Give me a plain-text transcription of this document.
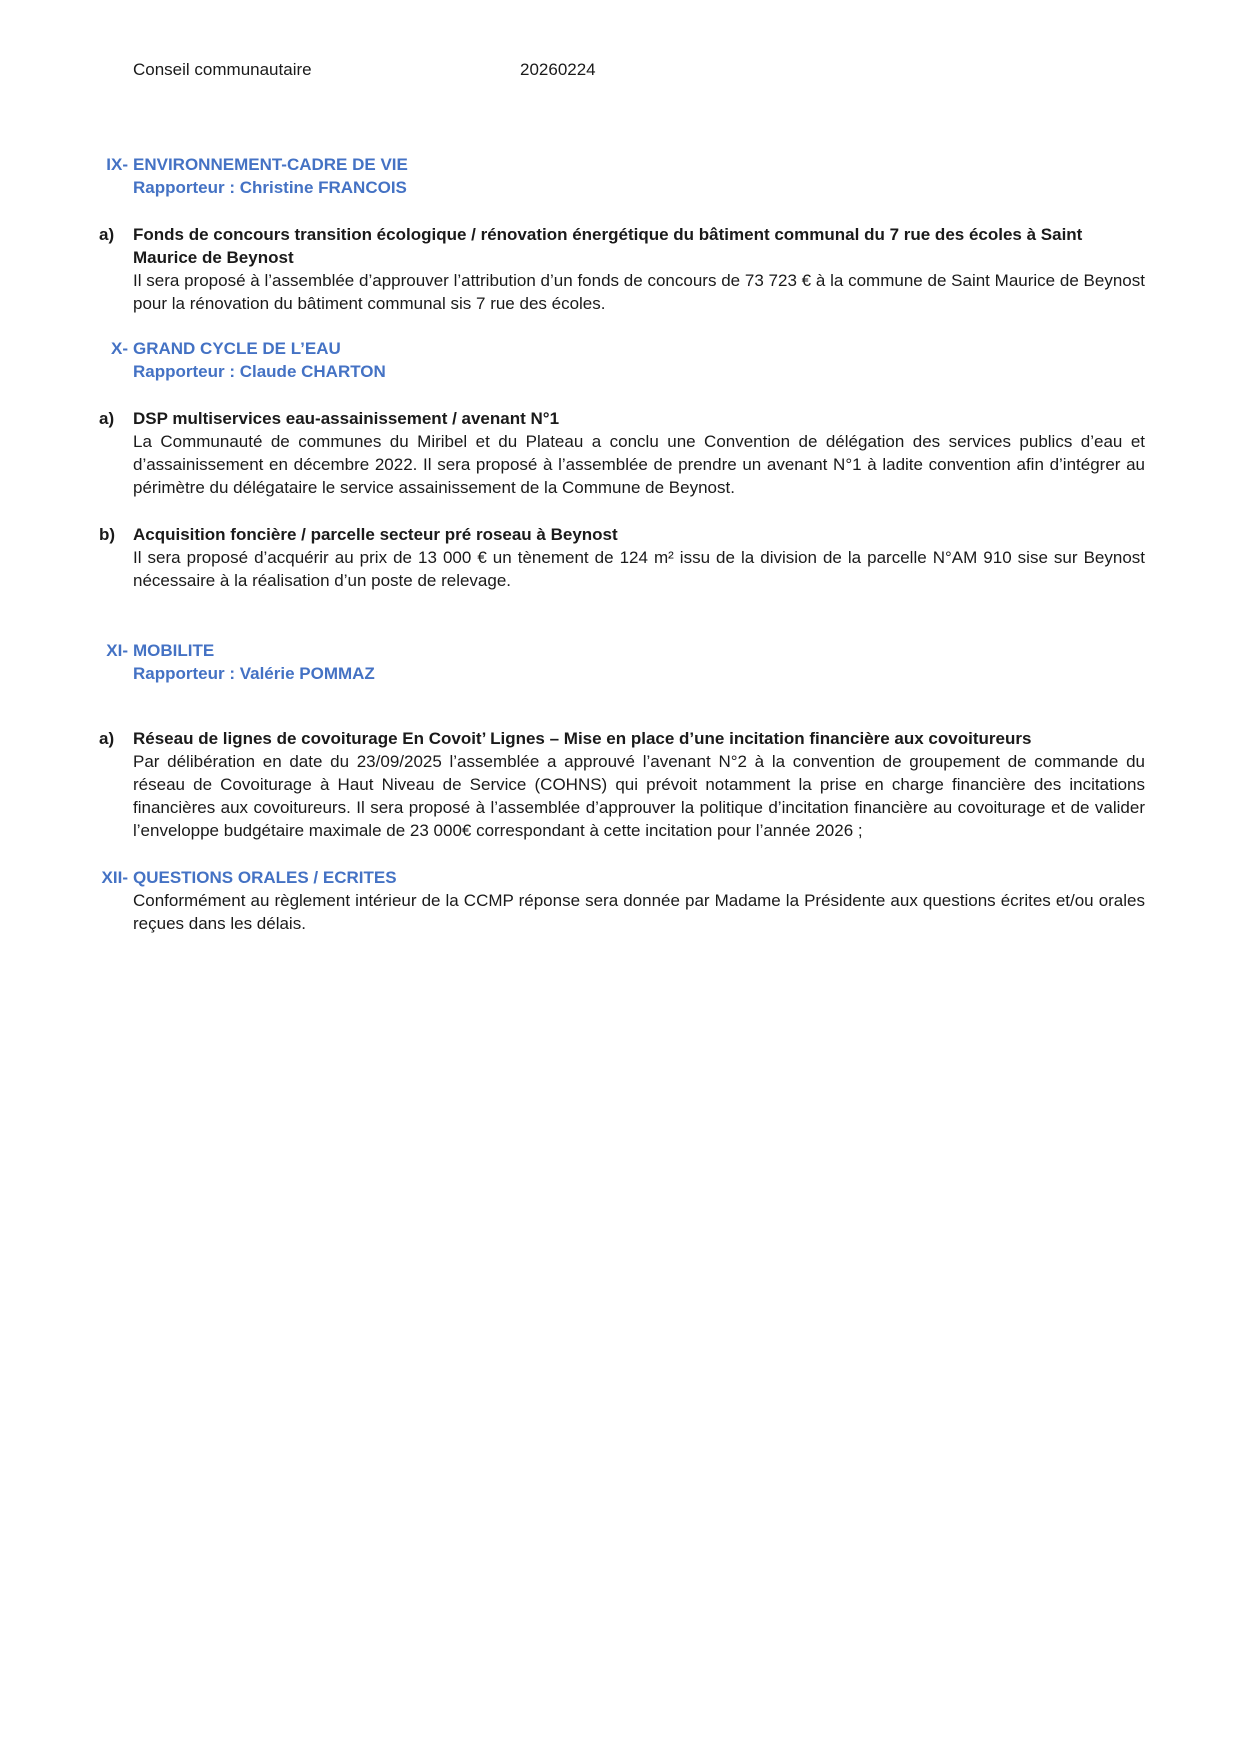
Conseil communautaire	20260224
IX- ENVIRONNEMENT-CADRE DE VIE
Rapporteur : Christine FRANCOIS
a)	Fonds de concours transition écologique / rénovation énergétique du bâtiment communal du 7 rue des écoles à Saint Maurice de Beynost
Il sera proposé à l’assemblée d’approuver l’attribution d’un fonds de concours de 73 723 € à la commune de Saint Maurice de Beynost pour la rénovation du bâtiment communal sis 7 rue des écoles.
X- GRAND CYCLE DE L’EAU
Rapporteur : Claude CHARTON
a)	DSP multiservices eau-assainissement / avenant N°1
La Communauté de communes du Miribel et du Plateau a conclu une Convention de délégation des services publics d’eau et d’assainissement en décembre 2022. Il sera proposé à l’assemblée de prendre un avenant N°1 à ladite convention afin d’intégrer au périmètre du délégataire le service assainissement de la Commune de Beynost.
b)	Acquisition foncière / parcelle secteur pré roseau à Beynost
Il sera proposé d’acquérir au prix de 13 000 € un tènement de 124 m² issu de la division de la parcelle N°AM 910 sise sur Beynost nécessaire à la réalisation d’un poste de relevage.
XI- MOBILITE
Rapporteur : Valérie POMMAZ
a)	Réseau de lignes de covoiturage En Covoit’ Lignes – Mise en place d’une incitation financière aux covoitureurs
Par délibération en date du 23/09/2025 l’assemblée a approuvé l’avenant N°2 à la convention de groupement de commande du réseau de Covoiturage à Haut Niveau de Service (COHNS) qui prévoit notamment la prise en charge financière des incitations financières aux covoitureurs. Il sera proposé à l’assemblée d’approuver la politique d’incitation financière au covoiturage et de valider l’enveloppe budgétaire maximale de 23 000€ correspondant à cette incitation pour l’année 2026 ;
XII- QUESTIONS ORALES / ECRITES
Conformément au règlement intérieur de la CCMP réponse sera donnée par Madame la Présidente aux questions écrites et/ou orales reçues dans les délais.
